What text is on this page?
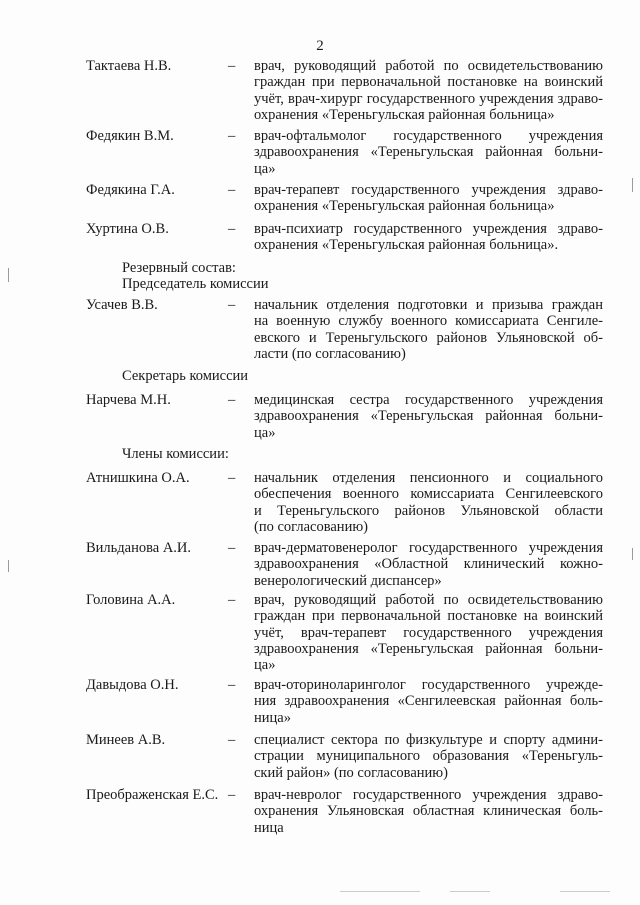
2
Тактаева Н.В.	– врач, руководящий работой по освидетельствованию
граждан при первоначальной постановке на воинский
учёт, врач-хирург государственного учреждения здраво-
охранения «Тереньгульская районная больница»
Федякин В.М.	– врач-офтальмолог государственного учреждения
здравоохранения «Тереньгульская районная больни-
ца»
Федякина Г.А.	– врач-терапевт государственного учреждения здраво-
охранения «Тереньгульская районная больница»
Хуртина О.В.	– врач-психиатр государственного учреждения здраво-
охранения «Тереньгульская районная больница».
Резервный состав:
Председатель комиссии
Усачев В.В.	– начальник отделения подготовки и призыва граждан
на военную службу военного комиссариата Сенгиле-
евского и Тереньгульского районов Ульяновской об-
ласти (по согласованию)
Секретарь комиссии
Нарчева М.Н.	– медицинская сестра государственного учреждения
здравоохранения «Тереньгульская районная больни-
ца»
Члены комиссии:
Атнишкина О.А.	– начальник отделения пенсионного и социального
обеспечения военного комиссариата Сенгилеевского
и Тереньгульского районов Ульяновской области
(по согласованию)
Вильданова А.И.	– врач-дерматовенеролог государственного учреждения
здравоохранения «Областной клинический кожно-
венерологический диспансер»
Головина А.А.	– врач, руководящий работой по освидетельствованию
граждан при первоначальной постановке на воинский
учёт, врач-терапевт государственного учреждения
здравоохранения «Тереньгульская районная больни-
ца»
Давыдова О.Н.	– врач-оториноларинголог государственного учрежде-
ния здравоохранения «Сенгилеевская районная боль-
ница»
Минеев А.В.	– специалист сектора по физкультуре и спорту админи-
страции муниципального образования «Тереньгуль-
ский район» (по согласованию)
Преображенская Е.С. – врач-невролог государственного учреждения здраво-
охранения Ульяновская областная клиническая боль-
ница
